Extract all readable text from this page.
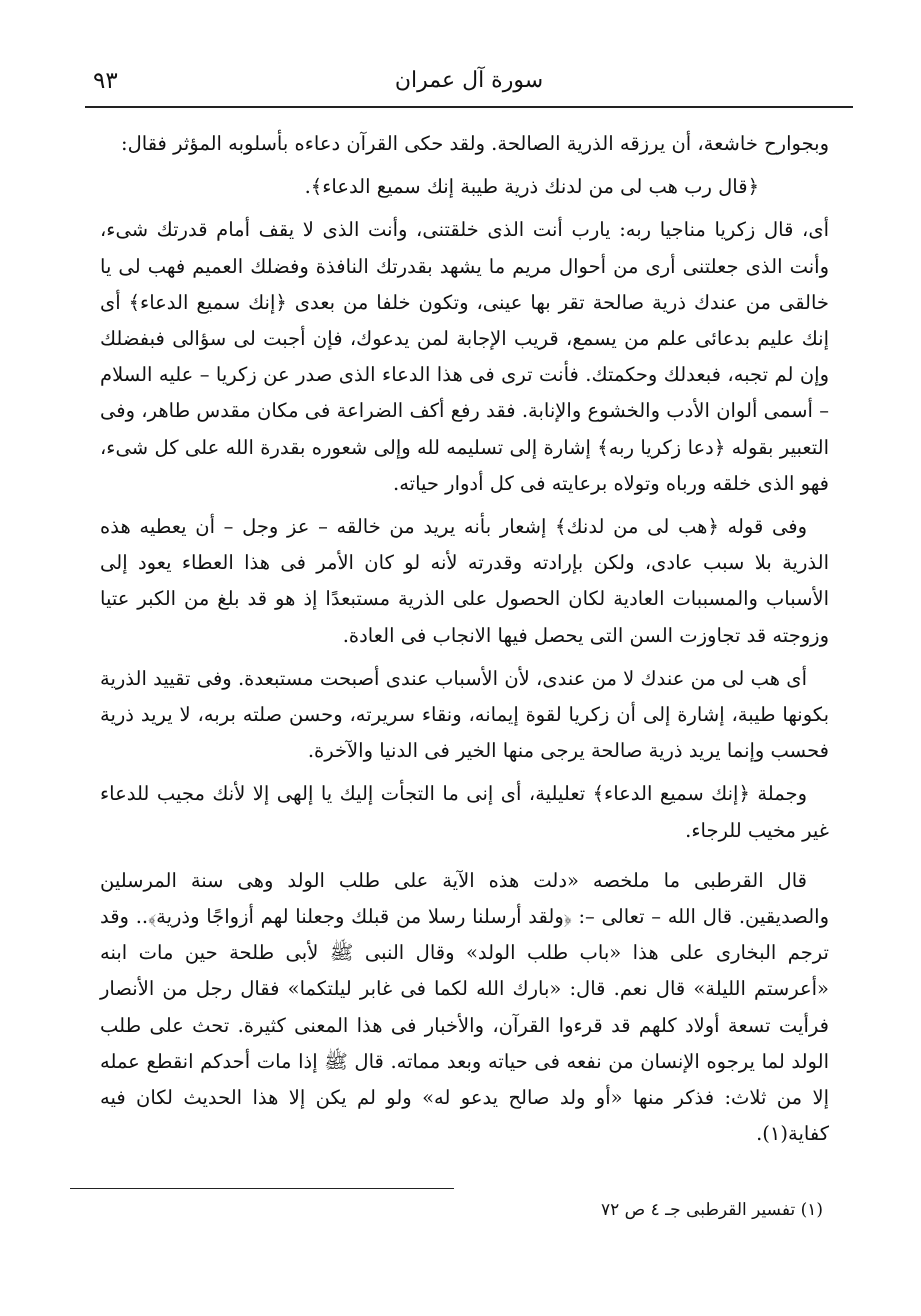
٩٣	سورة آل عمران

وبجوارح خاشعة، أن يرزقه الذرية الصالحة. ولقد حكى القرآن دعاءه بأسلوبه المؤثر فقال:

﴿قال رب هب لى من لدنك ذرية طيبة إنك سميع الدعاء﴾.

أى، قال زكريا مناجيا ربه: يارب أنت الذى خلقتنى، وأنت الذى لا يقف أمام قدرتك شىء، وأنت الذى جعلتنى أرى من أحوال مريم ما يشهد بقدرتك النافذة وفضلك العميم فهب لى يا خالقى من عندك ذرية صالحة تقر بها عينى، وتكون خلفا من بعدى ﴿إنك سميع الدعاء﴾ أى إنك عليم بدعائى علم من يسمع، قريب الإجابة لمن يدعوك، فإن أجبت لى سؤالى فبفضلك وإن لم تجبه، فبعدلك وحكمتك. فأنت ترى فى هذا الدعاء الذى صدر عن زكريا – عليه السلام – أسمى ألوان الأدب والخشوع والإنابة. فقد رفع أكف الضراعة فى مكان مقدس طاهر، وفى التعبير بقوله ﴿دعا زكريا ربه﴾ إشارة إلى تسليمه لله وإلى شعوره بقدرة الله على كل شىء، فهو الذى خلقه ورباه وتولاه برعايته فى كل أدوار حياته.

وفى قوله ﴿هب لى من لدنك﴾ إشعار بأنه يريد من خالقه – عز وجل – أن يعطيه هذه الذرية بلا سبب عادى، ولكن بإرادته وقدرته لأنه لو كان الأمر فى هذا العطاء يعود إلى الأسباب والمسببات العادية لكان الحصول على الذرية مستبعدًا إذ هو قد بلغ من الكبر عتيا وزوجته قد تجاوزت السن التى يحصل فيها الانجاب فى العادة.

أى هب لى من عندك لا من عندى، لأن الأسباب عندى أصبحت مستبعدة. وفى تقييد الذرية بكونها طيبة، إشارة إلى أن زكريا لقوة إيمانه، ونقاء سريرته، وحسن صلته بربه، لا يريد ذرية فحسب وإنما يريد ذرية صالحة يرجى منها الخير فى الدنيا والآخرة.

وجملة ﴿إنك سميع الدعاء﴾ تعليلية، أى إنى ما التجأت إليك يا إلهى إلا لأنك مجيب للدعاء غير مخيب للرجاء.

قال القرطبى ما ملخصه «دلت هذه الآية على طلب الولد وهى سنة المرسلين والصديقين. قال الله – تعالى –: ﴿ولقد أرسلنا رسلا من قبلك وجعلنا لهم أزواجًا وذرية﴾.. وقد ترجم البخارى على هذا «باب طلب الولد» وقال النبى ﷺ لأبى طلحة حين مات ابنه «أعرستم الليلة» قال نعم. قال: «بارك الله لكما فى غابر ليلتكما» فقال رجل من الأنصار فرأيت تسعة أولاد كلهم قد قرءوا القرآن، والأخبار فى هذا المعنى كثيرة. تحث على طلب الولد لما يرجوه الإنسان من نفعه فى حياته وبعد مماته. قال ﷺ إذا مات أحدكم انقطع عمله إلا من ثلاث: فذكر منها «أو ولد صالح يدعو له» ولو لم يكن إلا هذا الحديث لكان فيه كفاية(١).

(١) تفسير القرطبى جـ ٤ ص ٧٢
